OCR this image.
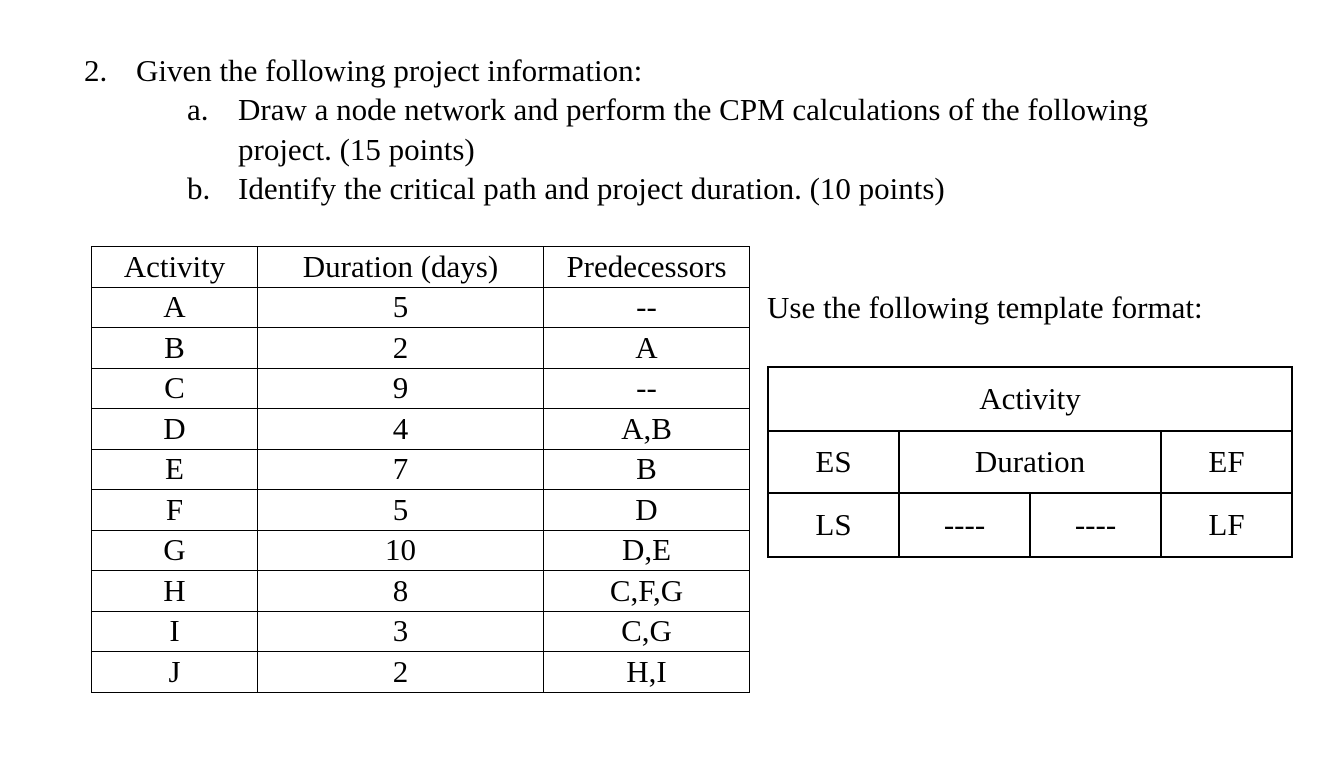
2. Given the following project information:
a. Draw a node network and perform the CPM calculations of the following
project. (15 points)
b. Identify the critical path and project duration. (10 points)
Activity	Duration (days)	Predecessors
A	5	--
B	2	A
C	9	--
D	4	A,B
E	7	B
F	5	D
G	10	D,E
H	8	C,F,G
I	3	C,G
J	2	H,I
Use the following template format:
Activity			
ES	Duration		EF
LS	----	----	LF
